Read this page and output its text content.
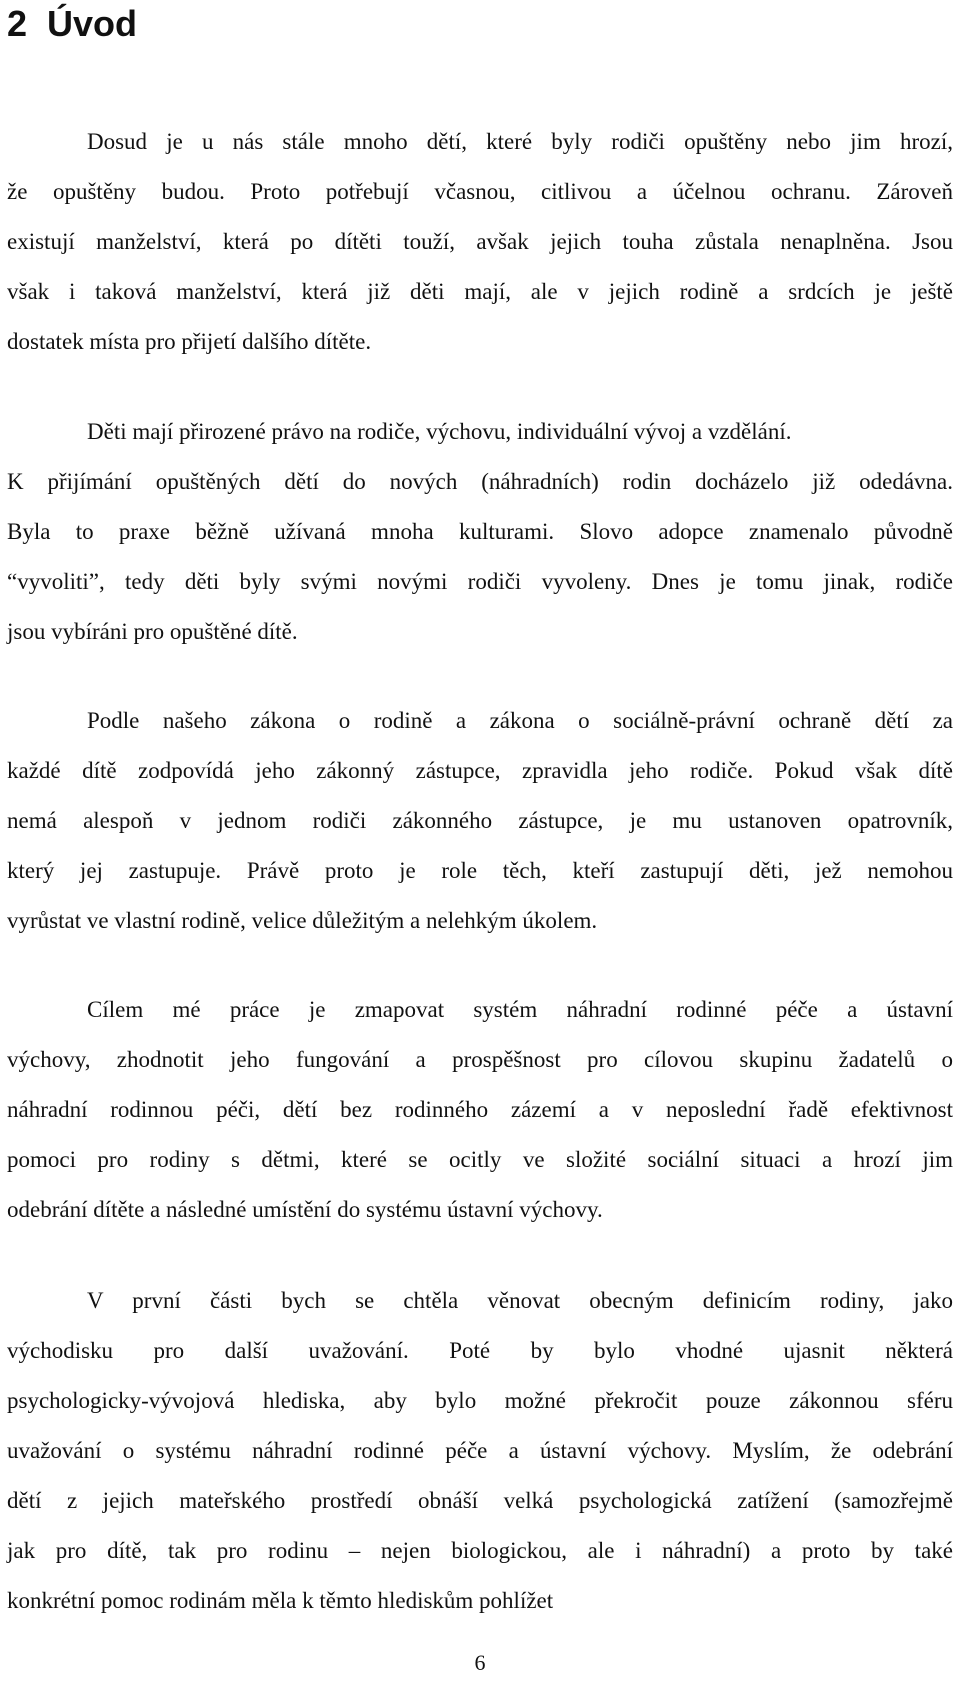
2 Úvod
Dosud je u nás stále mnoho dětí, které byly rodiči opuštěny nebo jim hrozí,
že opuštěny budou. Proto potřebují včasnou, citlivou a účelnou ochranu. Zároveň
existují manželství, která po dítěti touží, avšak jejich touha zůstala nenaplněna. Jsou
však i taková manželství, která již děti mají, ale v jejich rodině a srdcích je ještě
dostatek místa pro přijetí dalšího dítěte.
Děti mají přirozené právo na rodiče, výchovu, individuální vývoj a vzdělání.
K přijímání opuštěných dětí do nových (náhradních) rodin docházelo již odedávna.
Byla to praxe běžně užívaná mnoha kulturami. Slovo adopce znamenalo původně
“vyvoliti”, tedy děti byly svými novými rodiči vyvoleny. Dnes je tomu jinak, rodiče
jsou vybíráni pro opuštěné dítě.
Podle našeho zákona o rodině a zákona o sociálně-právní ochraně dětí za
každé dítě zodpovídá jeho zákonný zástupce, zpravidla jeho rodiče. Pokud však dítě
nemá alespoň v jednom rodiči zákonného zástupce, je mu ustanoven opatrovník,
který jej zastupuje. Právě proto je role těch, kteří zastupují děti, jež nemohou
vyrůstat ve vlastní rodině, velice důležitým a nelehkým úkolem.
Cílem mé práce je zmapovat systém náhradní rodinné péče a ústavní
výchovy, zhodnotit jeho fungování a prospěšnost pro cílovou skupinu žadatelů o
náhradní rodinnou péči, dětí bez rodinného zázemí a v neposlední řadě efektivnost
pomoci pro rodiny s dětmi, které se ocitly ve složité sociální situaci a hrozí jim
odebrání dítěte a následné umístění do systému ústavní výchovy.
V první části bych se chtěla věnovat obecným definicím rodiny, jako
východisku pro další uvažování. Poté by bylo vhodné ujasnit některá
psychologicky-vývojová hlediska, aby bylo možné překročit pouze zákonnou sféru
uvažování o systému náhradní rodinné péče a ústavní výchovy. Myslím, že odebrání
dětí z jejich mateřského prostředí obnáší velká psychologická zatížení (samozřejmě
jak pro dítě, tak pro rodinu – nejen biologickou, ale i náhradní) a proto by také
konkrétní pomoc rodinám měla k těmto hlediskům pohlížet
6
